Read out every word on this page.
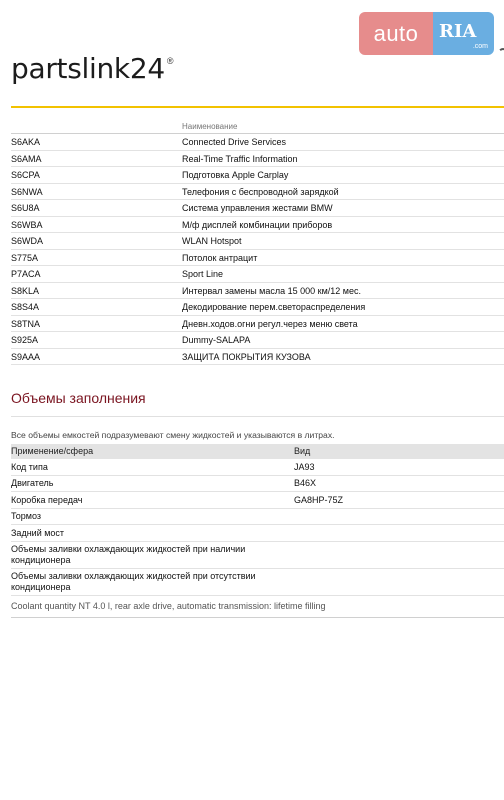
auto	RIA
.com
partslink24 ®
Наименование
S6AKA	Connected Drive Services
S6AMA	Real-Time Traffic Information
S6CPA	Подготовка Apple Carplay
S6NWA	Телефония с беспроводной зарядкой
S6U8A	Система управления жестами BMW
S6WBA	М/ф дисплей комбинации приборов
S6WDA	WLAN Hotspot
S775A	Потолок антрацит
P7ACA	Sport Line
S8KLA	Интервал замены масла 15 000 км/12 мес.
S8S4A	Декодирование перем.светораспределения
S8TNA	Дневн.ходов.огни регул.через меню света
S925A	Dummy-SALAPA
S9AAA	ЗАЩИТА ПОКРЫТИЯ КУЗОВА
Объемы заполнения
Все объемы емкостей подразумевают смену жидкостей и указываются в литрах.
Применение/сфера	Вид
Код типа	JA93
Двигатель	B46X
Коробка передач	GA8HP-75Z
Тормоз
Задний мост
Объемы заливки охлаждающих жидкостей при наличии кондиционера
Объемы заливки охлаждающих жидкостей при отсутствии кондиционера
Coolant quantity NT 4.0 l, rear axle drive, automatic transmission: lifetime filling
